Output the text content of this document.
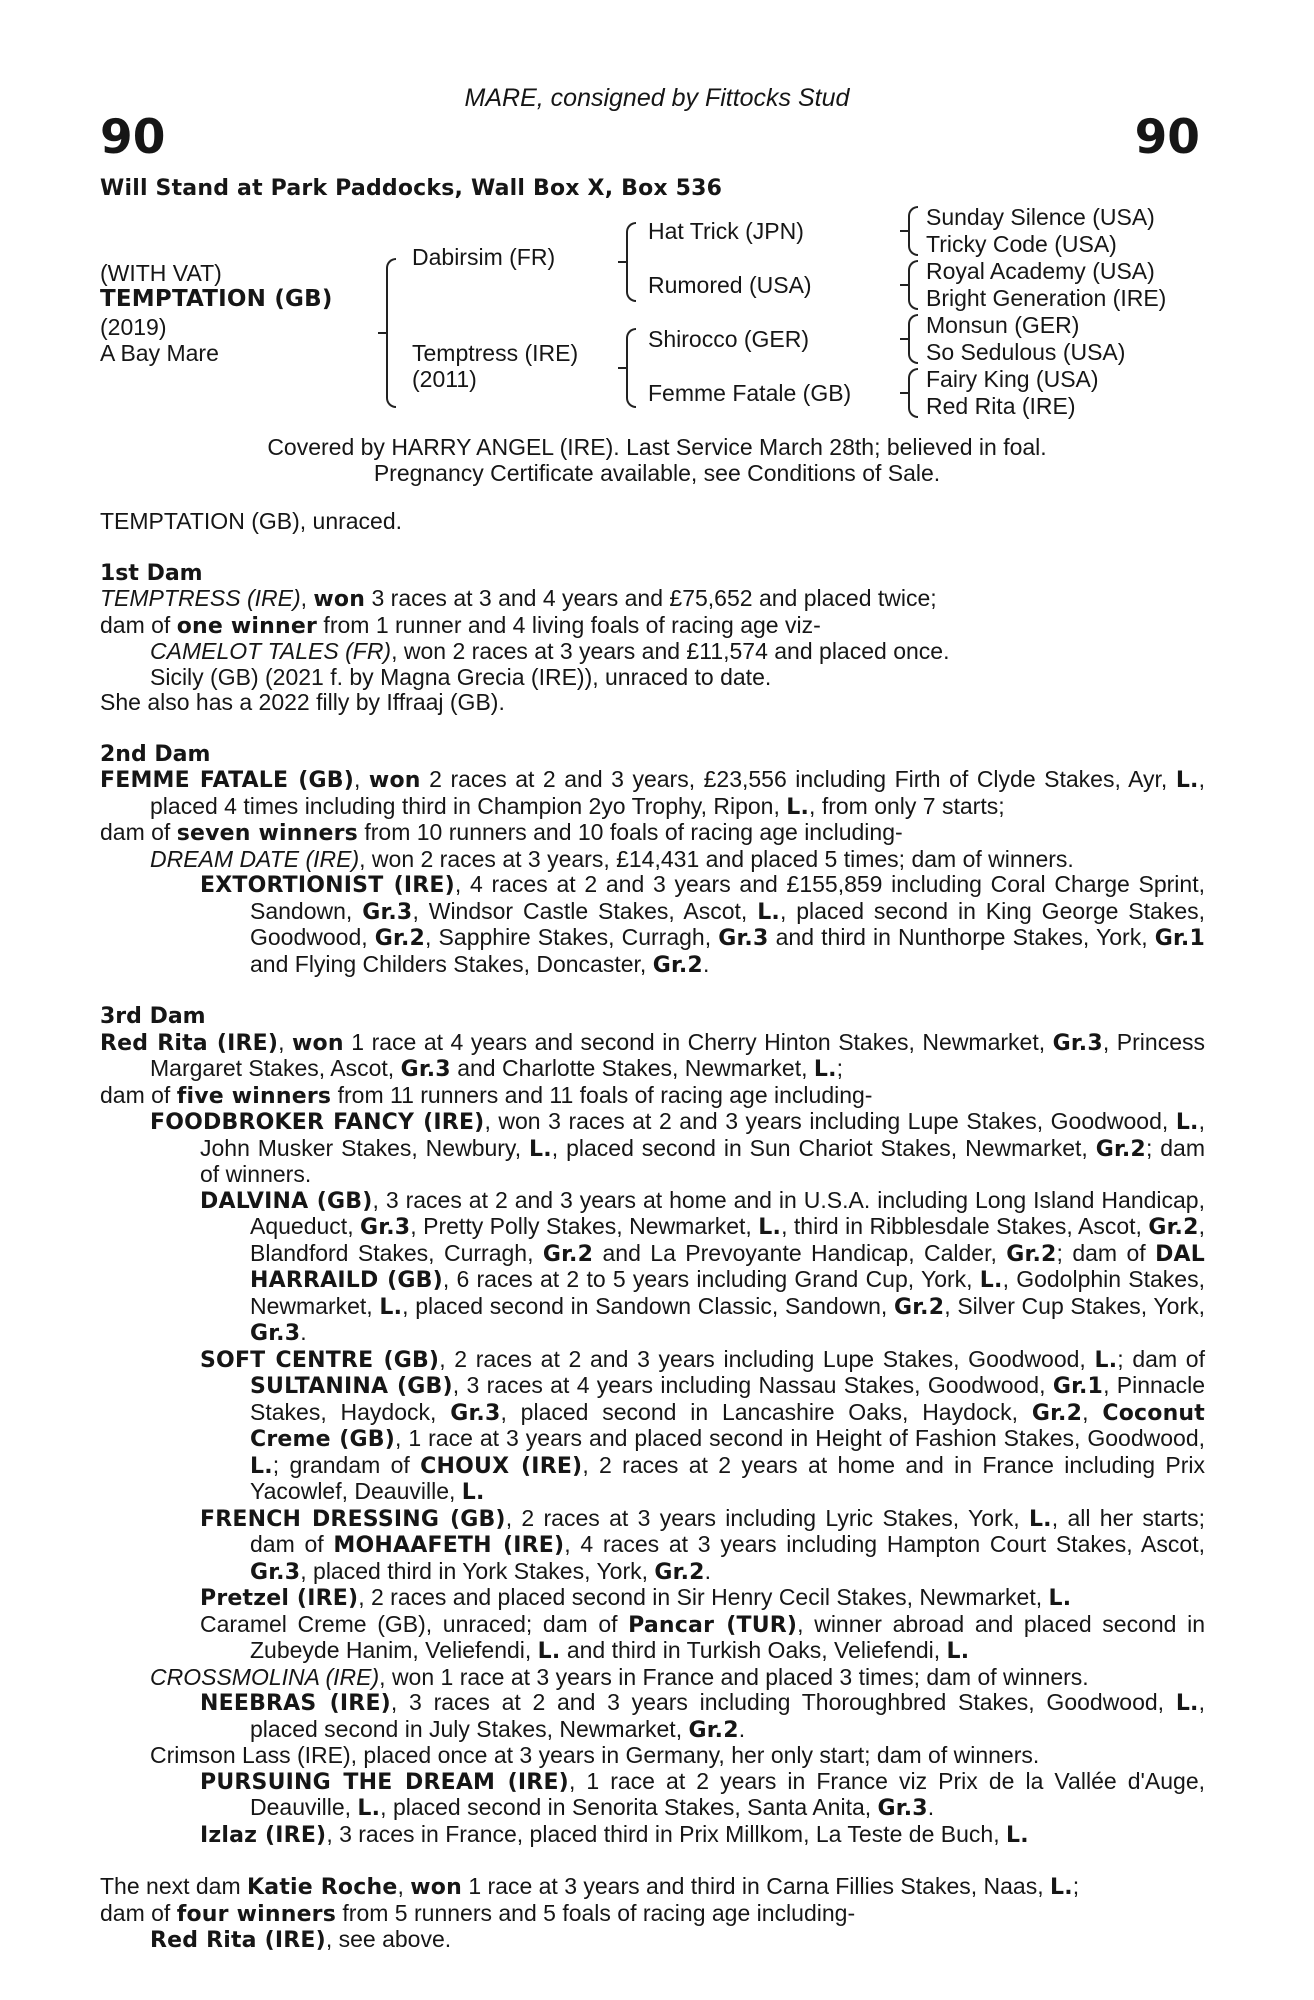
MARE, consigned by Fittocks Stud
90	90
Will Stand at Park Paddocks, Wall Box X, Box 536
(WITH VAT)
TEMPTATION (GB)
(2019)
A Bay Mare
Dabirsim (FR)
Temptress (IRE)
(2011)
Hat Trick (JPN)
Rumored (USA)
Shirocco (GER)
Femme Fatale (GB)
Sunday Silence (USA)
Tricky Code (USA)
Royal Academy (USA)
Bright Generation (IRE)
Monsun (GER)
So Sedulous (USA)
Fairy King (USA)
Red Rita (IRE)
Covered by HARRY ANGEL (IRE). Last Service March 28th; believed in foal.
Pregnancy Certificate available, see Conditions of Sale.

TEMPTATION (GB), unraced.

1st Dam

TEMPTRESS (IRE), won 3 races at 3 and 4 years and £75,652 and placed twice;

dam of one winner from 1 runner and 4 living foals of racing age viz-

CAMELOT TALES (FR), won 2 races at 3 years and £11,574 and placed once.

Sicily (GB) (2021 f. by Magna Grecia (IRE)), unraced to date.

She also has a 2022 filly by Iffraaj (GB).

2nd Dam

FEMME FATALE (GB), won 2 races at 2 and 3 years, £23,556 including Firth of Clyde Stakes, Ayr, L., placed 4 times including third in Champion 2yo Trophy, Ripon, L., from only 7 starts;

dam of seven winners from 10 runners and 10 foals of racing age including-

DREAM DATE (IRE), won 2 races at 3 years, £14,431 and placed 5 times; dam of winners.

EXTORTIONIST (IRE), 4 races at 2 and 3 years and £155,859 including Coral Charge Sprint, Sandown, Gr.3, Windsor Castle Stakes, Ascot, L., placed second in King George Stakes, Goodwood, Gr.2, Sapphire Stakes, Curragh, Gr.3 and third in Nunthorpe Stakes, York, Gr.1 and Flying Childers Stakes, Doncaster, Gr.2.

3rd Dam

Red Rita (IRE), won 1 race at 4 years and second in Cherry Hinton Stakes, Newmarket, Gr.3, Princess Margaret Stakes, Ascot, Gr.3 and Charlotte Stakes, Newmarket, L.;

dam of five winners from 11 runners and 11 foals of racing age including-

FOODBROKER FANCY (IRE), won 3 races at 2 and 3 years including Lupe Stakes, Goodwood, L., John Musker Stakes, Newbury, L., placed second in Sun Chariot Stakes, Newmarket, Gr.2; dam of winners.

DALVINA (GB), 3 races at 2 and 3 years at home and in U.S.A. including Long Island Handicap, Aqueduct, Gr.3, Pretty Polly Stakes, Newmarket, L., third in Ribblesdale Stakes, Ascot, Gr.2, Blandford Stakes, Curragh, Gr.2 and La Prevoyante Handicap, Calder, Gr.2; dam of DAL HARRAILD (GB), 6 races at 2 to 5 years including Grand Cup, York, L., Godolphin Stakes, Newmarket, L., placed second in Sandown Classic, Sandown, Gr.2, Silver Cup Stakes, York, Gr.3.

SOFT CENTRE (GB), 2 races at 2 and 3 years including Lupe Stakes, Goodwood, L.; dam of SULTANINA (GB), 3 races at 4 years including Nassau Stakes, Goodwood, Gr.1, Pinnacle Stakes, Haydock, Gr.3, placed second in Lancashire Oaks, Haydock, Gr.2, Coconut Creme (GB), 1 race at 3 years and placed second in Height of Fashion Stakes, Goodwood, L.; grandam of CHOUX (IRE), 2 races at 2 years at home and in France including Prix Yacowlef, Deauville, L.

FRENCH DRESSING (GB), 2 races at 3 years including Lyric Stakes, York, L., all her starts; dam of MOHAAFETH (IRE), 4 races at 3 years including Hampton Court Stakes, Ascot, Gr.3, placed third in York Stakes, York, Gr.2.

Pretzel (IRE), 2 races and placed second in Sir Henry Cecil Stakes, Newmarket, L.

Caramel Creme (GB), unraced; dam of Pancar (TUR), winner abroad and placed second in Zubeyde Hanim, Veliefendi, L. and third in Turkish Oaks, Veliefendi, L.

CROSSMOLINA (IRE), won 1 race at 3 years in France and placed 3 times; dam of winners.

NEEBRAS (IRE), 3 races at 2 and 3 years including Thoroughbred Stakes, Goodwood, L., placed second in July Stakes, Newmarket, Gr.2.

Crimson Lass (IRE), placed once at 3 years in Germany, her only start; dam of winners.

PURSUING THE DREAM (IRE), 1 race at 2 years in France viz Prix de la Vallée d'Auge, Deauville, L., placed second in Senorita Stakes, Santa Anita, Gr.3.

Izlaz (IRE), 3 races in France, placed third in Prix Millkom, La Teste de Buch, L.

The next dam Katie Roche, won 1 race at 3 years and third in Carna Fillies Stakes, Naas, L.;

dam of four winners from 5 runners and 5 foals of racing age including-

Red Rita (IRE), see above.
